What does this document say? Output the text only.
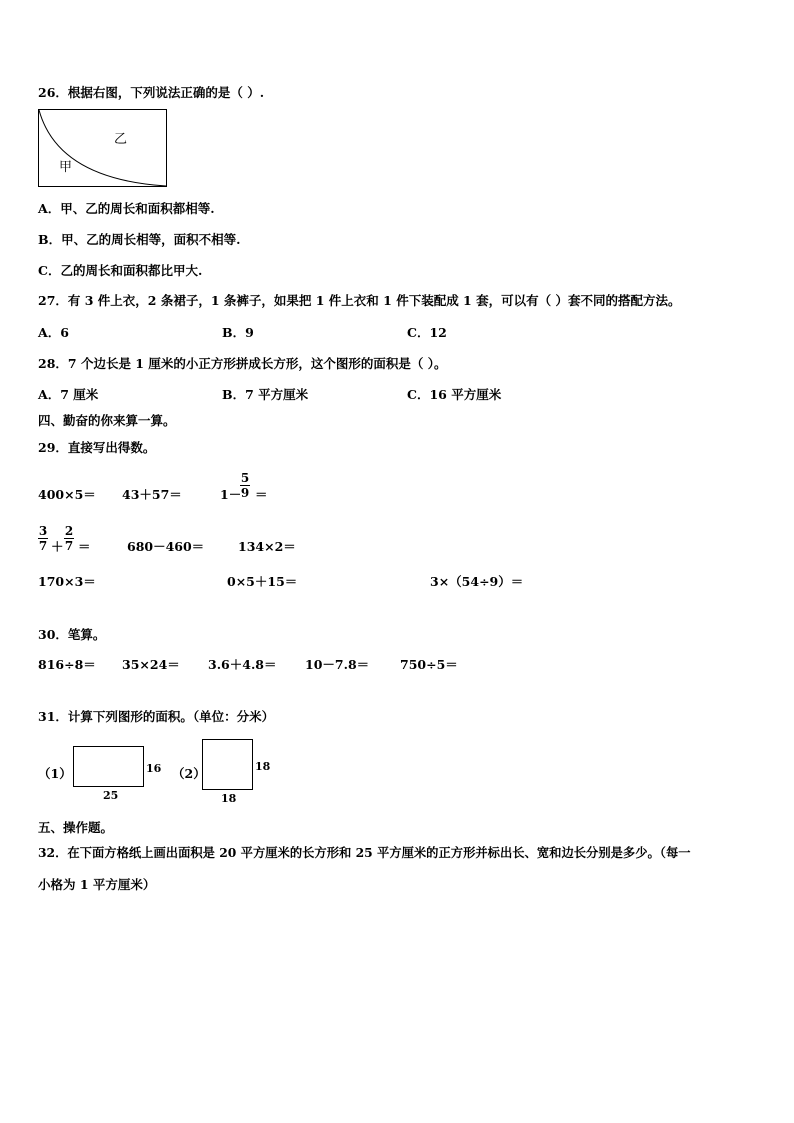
26．根据右图，下列说法正确的是（ ）.
乙
甲
A．甲、乙的周长和面积都相等.
B．甲、乙的周长相等，面积不相等.
C．乙的周长和面积都比甲大.
27．有 3 件上衣，2 条裙子，1 条裤子，如果把 1 件上衣和 1 件下装配成 1 套，可以有（ ）套不同的搭配方法。
A．6	B．9	C．12
28．7 个边长是 1 厘米的小正方形拼成长方形，这个图形的面积是（ ）。
A．7 厘米	B．7 平方厘米	C．16 平方厘米
四、勤奋的你来算一算。
29．直接写出得数。
400×5＝ 43＋57＝	1－
5
9 ＝
3
7 ＋
2
7 ＝	680－460＝	134×2＝
170×3＝	0×5＋15＝	3×（54÷9）＝
30．笔算。
816÷8＝ 35×24＝ 3.6＋4.8＝ 10－7.8＝ 750÷5＝
31．计算下列图形的面积。（单位：分米）
（1）	16
25
（2）	18
18
五、操作题。
32．在下面方格纸上画出面积是 20 平方厘米的长方形和 25 平方厘米的正方形并标出长、宽和边长分别是多少。（每一
小格为 1 平方厘米）
